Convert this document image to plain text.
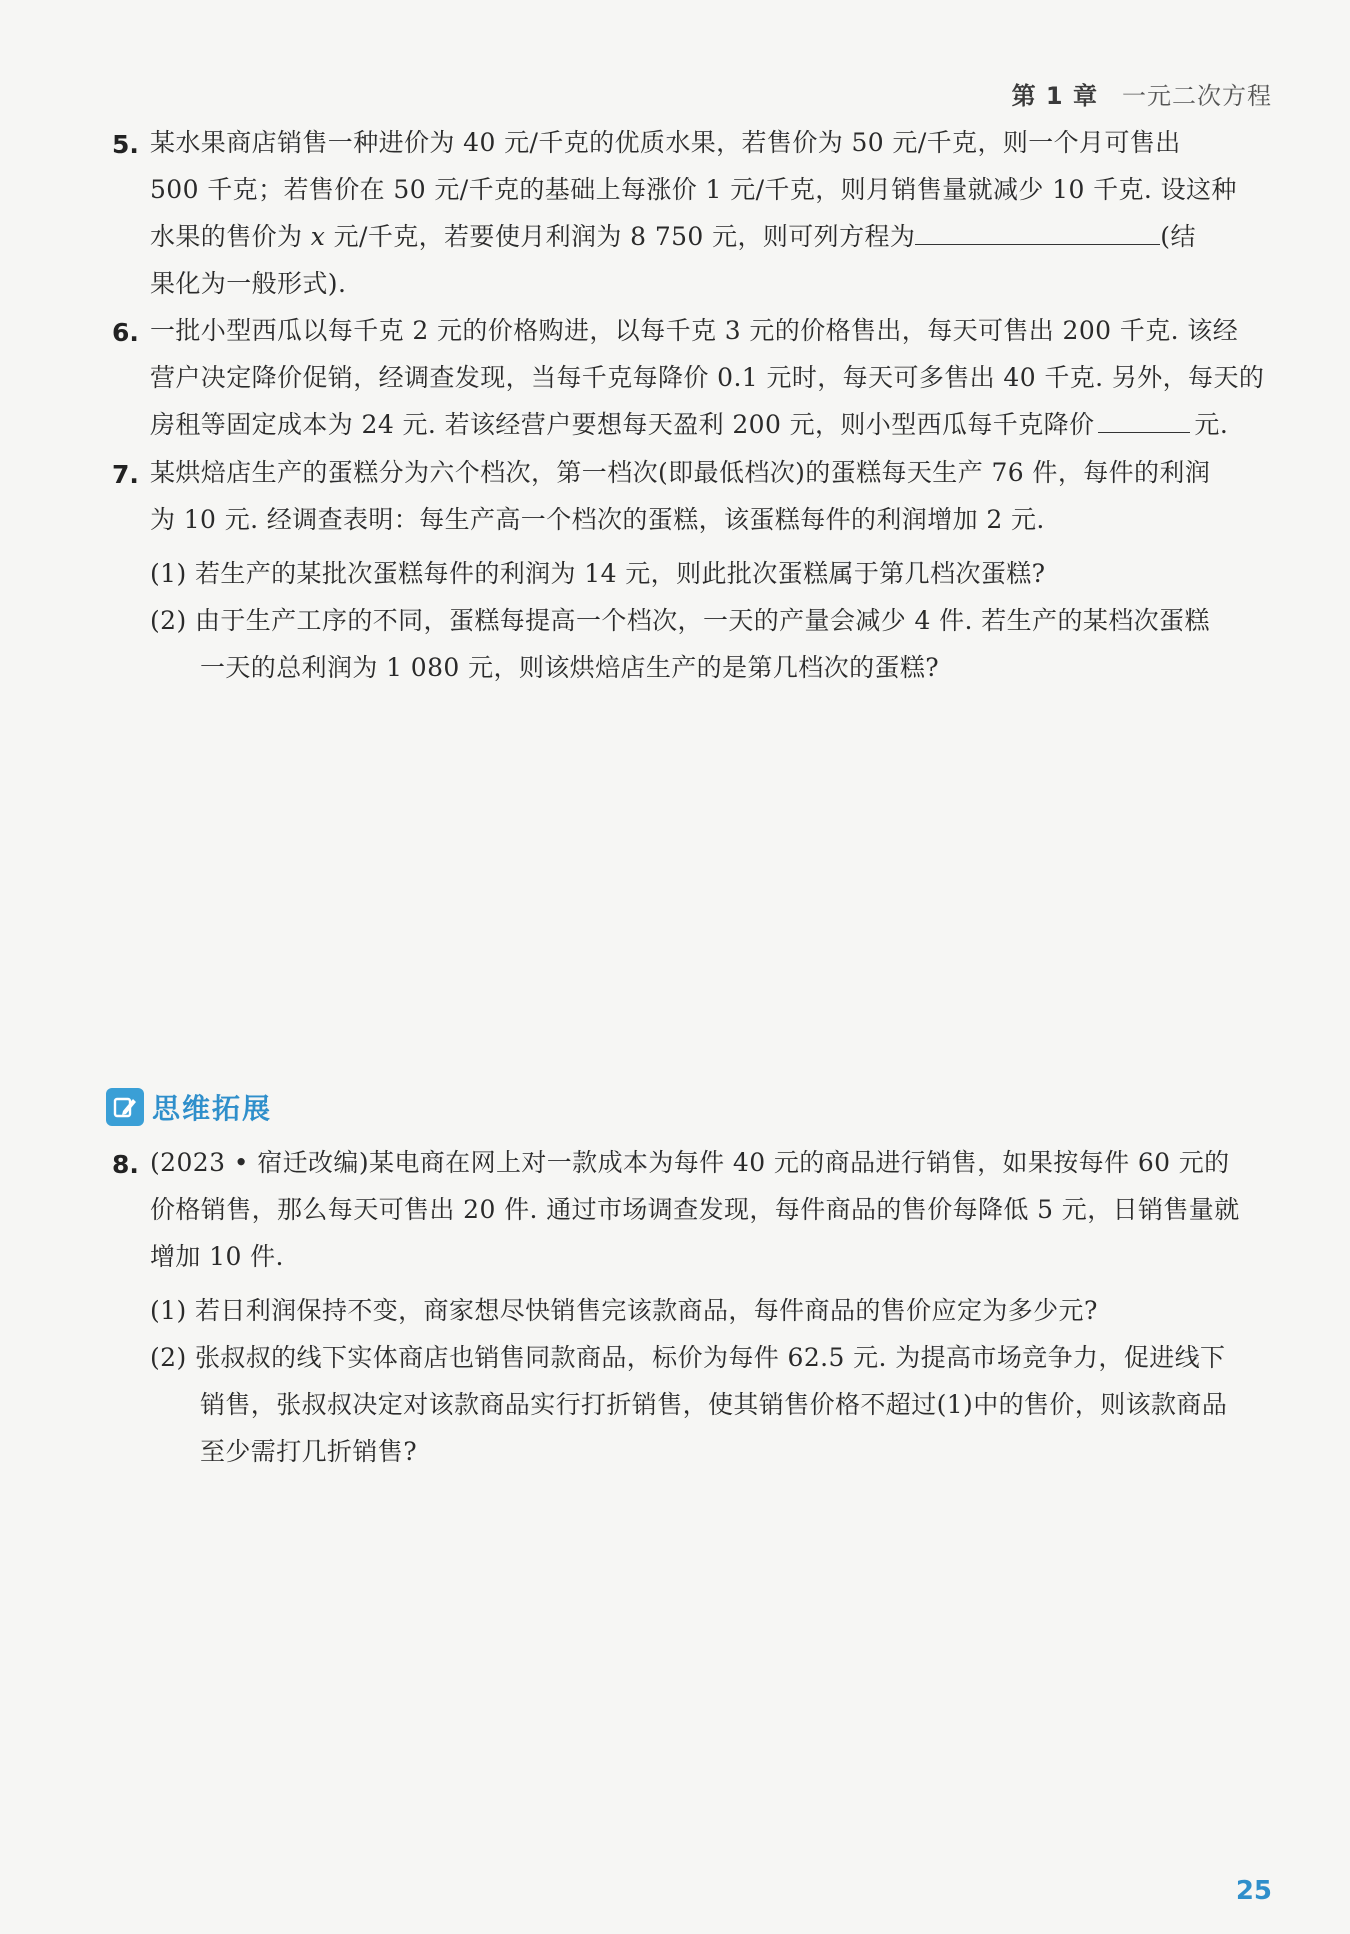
第 1 章 一元二次方程
5. 某水果商店销售一种进价为 40 元/千克的优质水果，若售价为 50 元/千克，则一个月可售出
500 千克；若售价在 50 元/千克的基础上每涨价 1 元/千克，则月销售量就减少 10 千克. 设这种
水果的售价为 x 元/千克，若要使月利润为 8 750 元，则可列方程为	(结
果化为一般形式).
6. 一批小型西瓜以每千克 2 元的价格购进，以每千克 3 元的价格售出，每天可售出 200 千克. 该经
营户决定降价促销，经调查发现，当每千克每降价 0.1 元时，每天可多售出 40 千克. 另外，每天的
房租等固定成本为 24 元. 若该经营户要想每天盈利 200 元，则小型西瓜每千克降价	元.
7. 某烘焙店生产的蛋糕分为六个档次，第一档次(即最低档次)的蛋糕每天生产 76 件，每件的利润
为 10 元. 经调查表明：每生产高一个档次的蛋糕，该蛋糕每件的利润增加 2 元.
(1) 若生产的某批次蛋糕每件的利润为 14 元，则此批次蛋糕属于第几档次蛋糕?
(2) 由于生产工序的不同，蛋糕每提高一个档次，一天的产量会减少 4 件. 若生产的某档次蛋糕
一天的总利润为 1 080 元，则该烘焙店生产的是第几档次的蛋糕?
思维拓展
8. (2023 • 宿迁改编)某电商在网上对一款成本为每件 40 元的商品进行销售，如果按每件 60 元的
价格销售，那么每天可售出 20 件. 通过市场调查发现，每件商品的售价每降低 5 元，日销售量就
增加 10 件.
(1) 若日利润保持不变，商家想尽快销售完该款商品，每件商品的售价应定为多少元?
(2) 张叔叔的线下实体商店也销售同款商品，标价为每件 62.5 元. 为提高市场竞争力，促进线下
销售，张叔叔决定对该款商品实行打折销售，使其销售价格不超过(1)中的售价，则该款商品
至少需打几折销售?
25
